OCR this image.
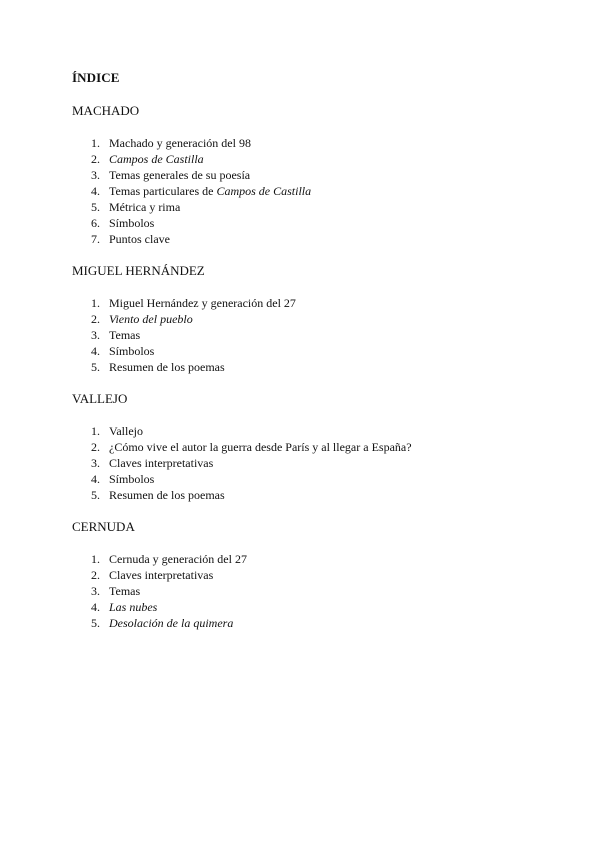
ÍNDICE
MACHADO
1. Machado y generación del 98
2. Campos de Castilla
3. Temas generales de su poesía
4. Temas particulares de Campos de Castilla
5. Métrica y rima
6. Símbolos
7. Puntos clave
MIGUEL HERNÁNDEZ
1. Miguel Hernández y generación del 27
2. Viento del pueblo
3. Temas
4. Símbolos
5. Resumen de los poemas
VALLEJO
1. Vallejo
2. ¿Cómo vive el autor la guerra desde París y al llegar a España?
3. Claves interpretativas
4. Símbolos
5. Resumen de los poemas
CERNUDA
1. Cernuda y generación del 27
2. Claves interpretativas
3. Temas
4. Las nubes
5. Desolación de la quimera
